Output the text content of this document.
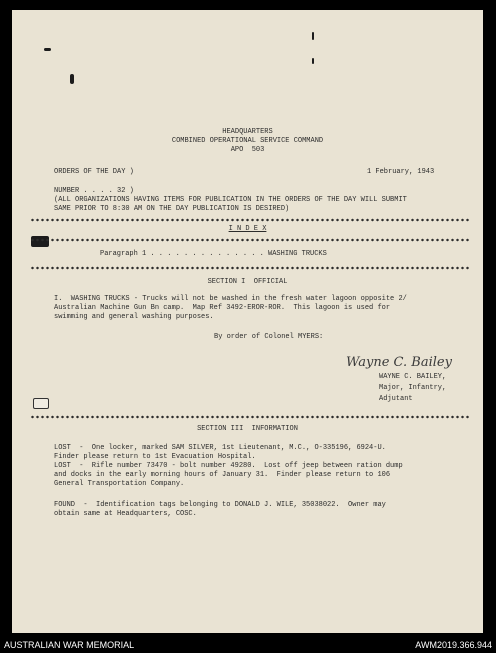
HEADQUARTERS
COMBINED OPERATIONAL SERVICE COMMAND
APO  503
ORDERS OF THE DAY )	1 February, 1943
NUMBER . . . . 32 )
(ALL ORGANIZATIONS HAVING ITEMS FOR PUBLICATION IN THE ORDERS OF THE DAY WILL SUBMIT
SAME PRIOR TO 8:30 AM ON THE DAY PUBLICATION IS DESIRED)
I N D E X
Paragraph 1 . . . . . . . . . . . . . . WASHING TRUCKS
SECTION I  OFFICIAL
I.  WASHING TRUCKS - Trucks will not be washed in the fresh water lagoon opposite 2/
Australian Machine Gun Bn camp.  Map Ref 3492-EROR-ROR.  This lagoon is used for
swimming and general washing purposes.
By order of Colonel MYERS:
Wayne C. Bailey
WAYNE C. BAILEY,
Major, Infantry,
Adjutant
SECTION III  INFORMATION
LOST  -  One locker, marked SAM SILVER, 1st Lieutenant, M.C., O-335196, 6924-U.
Finder please return to 1st Evacuation Hospital.
LOST  -  Rifle number 73470 - bolt number 49280.  Lost off jeep between ration dump
and docks in the early morning hours of January 31.  Finder please return to 106
General Transportation Company.
FOUND  -  Identification tags belonging to DONALD J. WILE, 35038022.  Owner may
obtain same at Headquarters, COSC.
AUSTRALIAN WAR MEMORIAL	AWM2019.366.944
